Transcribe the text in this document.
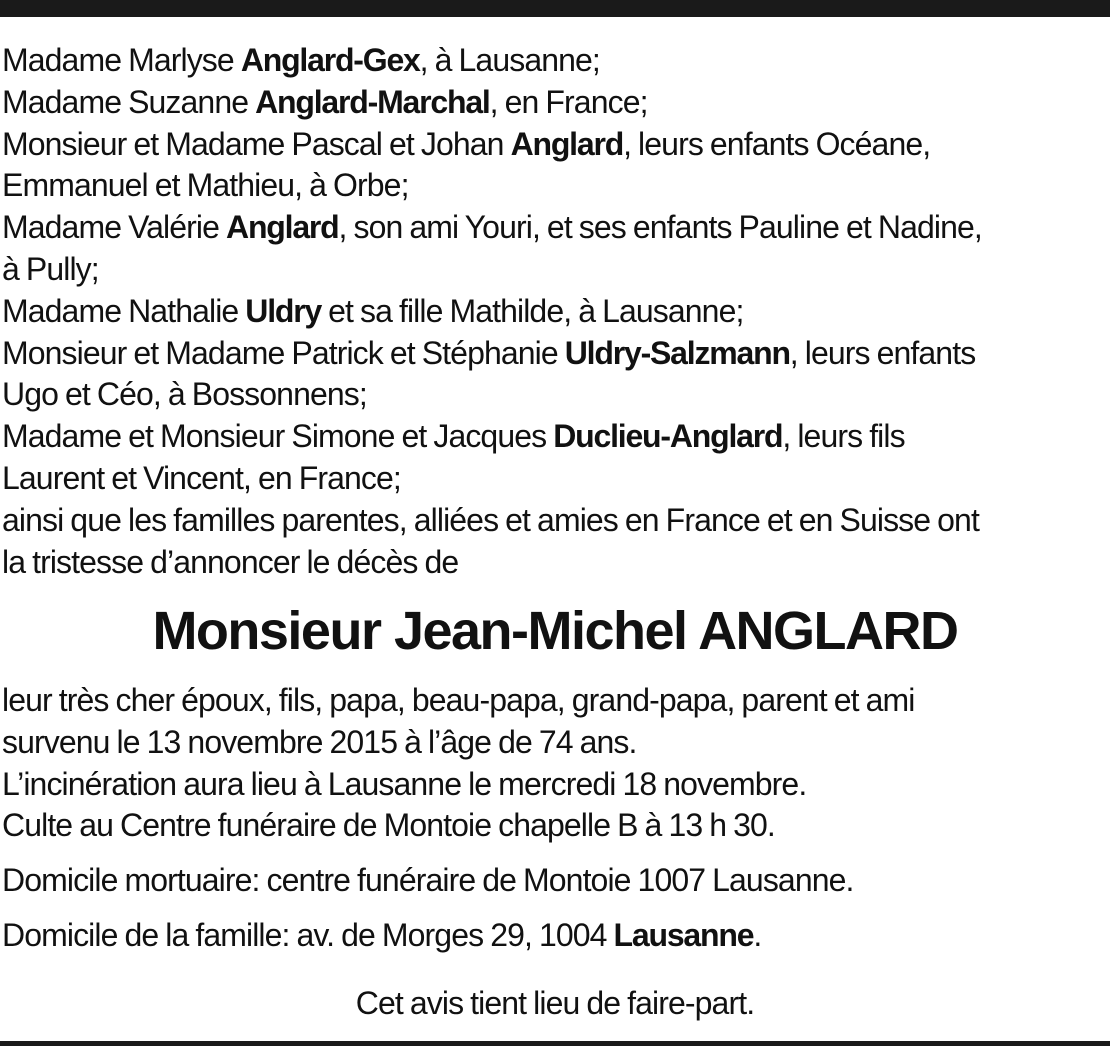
Madame Marlyse Anglard-Gex, à Lausanne;

Madame Suzanne Anglard-Marchal, en France;

Monsieur et Madame Pascal et Johan Anglard, leurs enfants Océane,

Emmanuel et Mathieu, à Orbe;

Madame Valérie Anglard, son ami Youri, et ses enfants Pauline et Nadine,

à Pully;

Madame Nathalie Uldry et sa fille Mathilde, à Lausanne;

Monsieur et Madame Patrick et Stéphanie Uldry-Salzmann, leurs enfants

Ugo et Céo, à Bossonnens;

Madame et Monsieur Simone et Jacques Duclieu-Anglard, leurs fils

Laurent et Vincent, en France;

ainsi que les familles parentes, alliées et amies en France et en Suisse ont

la tristesse d’annoncer le décès de

Monsieur Jean-Michel ANGLARD

leur très cher époux, fils, papa, beau-papa, grand-papa, parent et ami

survenu le 13 novembre 2015 à l’âge de 74 ans.

L’incinération aura lieu à Lausanne le mercredi 18 novembre.

Culte au Centre funéraire de Montoie chapelle B à 13 h 30.

Domicile mortuaire: centre funéraire de Montoie 1007 Lausanne.

Domicile de la famille: av. de Morges 29, 1004 Lausanne.

Cet avis tient lieu de faire-part.
